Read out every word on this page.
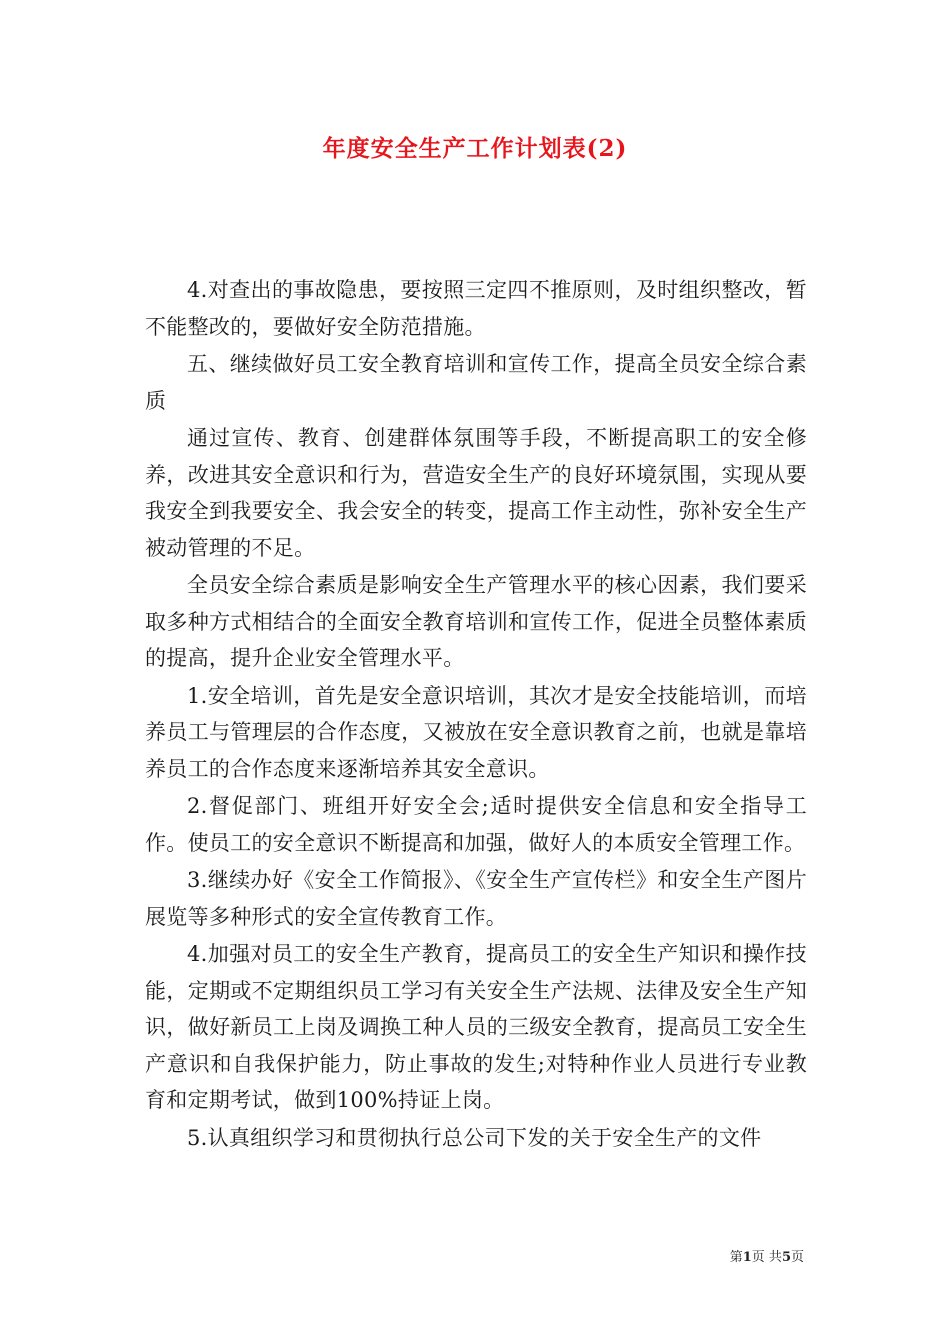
年度安全生产工作计划表(2)

4.对查出的事故隐患，要按照三定四不推原则，及时组织整改，暂不能整改的，要做好安全防范措施。

五、继续做好员工安全教育培训和宣传工作，提高全员安全综合素质

通过宣传、教育、创建群体氛围等手段，不断提高职工的安全修养，改进其安全意识和行为，营造安全生产的良好环境氛围，实现从要我安全到我要安全、我会安全的转变，提高工作主动性，弥补安全生产被动管理的不足。

全员安全综合素质是影响安全生产管理水平的核心因素，我们要采取多种方式相结合的全面安全教育培训和宣传工作，促进全员整体素质的提高，提升企业安全管理水平。

1.安全培训，首先是安全意识培训，其次才是安全技能培训，而培养员工与管理层的合作态度，又被放在安全意识教育之前，也就是靠培养员工的合作态度来逐渐培养其安全意识。

2.督促部门、班组开好安全会;适时提供安全信息和安全指导工作。使员工的安全意识不断提高和加强，做好人的本质安全管理工作。

3.继续办好《安全工作简报》、《安全生产宣传栏》和安全生产图片展览等多种形式的安全宣传教育工作。

4.加强对员工的安全生产教育，提高员工的安全生产知识和操作技能，定期或不定期组织员工学习有关安全生产法规、法律及安全生产知识，做好新员工上岗及调换工种人员的三级安全教育，提高员工安全生产意识和自我保护能力，防止事故的发生;对特种作业人员进行专业教育和定期考试，做到100%持证上岗。

5.认真组织学习和贯彻执行总公司下发的关于安全生产的文件

第1页 共5页
